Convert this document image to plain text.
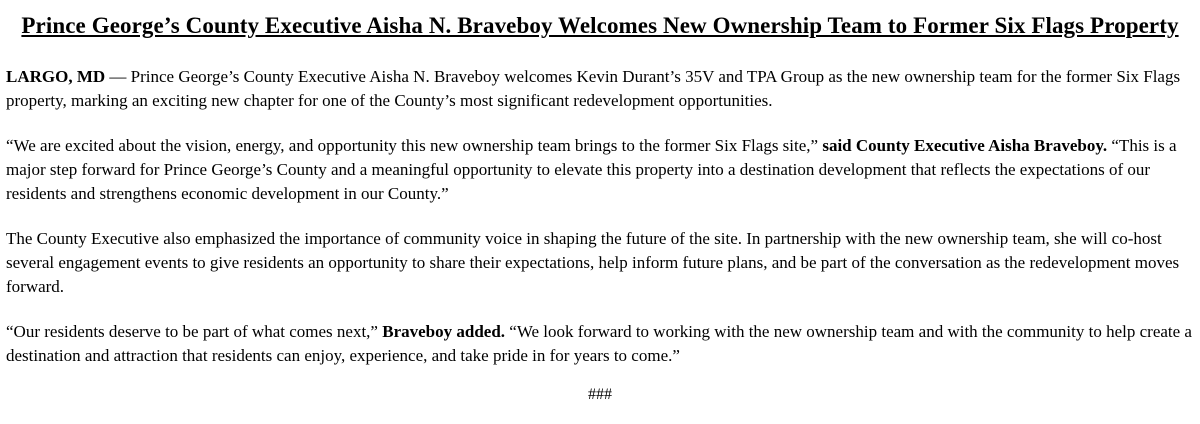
Prince George’s County Executive Aisha N. Braveboy Welcomes New Ownership Team to Former Six Flags Property

LARGO, MD — Prince George’s County Executive Aisha N. Braveboy welcomes Kevin Durant’s 35V and TPA Group as the new ownership team for the former Six Flags property, marking an exciting new chapter for one of the County’s most significant redevelopment opportunities.

“We are excited about the vision, energy, and opportunity this new ownership team brings to the former Six Flags site,” said County Executive Aisha Braveboy. “This is a major step forward for Prince George’s County and a meaningful opportunity to elevate this property into a destination development that reflects the expectations of our residents and strengthens economic development in our County.”

The County Executive also emphasized the importance of community voice in shaping the future of the site. In partnership with the new ownership team, she will co-host several engagement events to give residents an opportunity to share their expectations, help inform future plans, and be part of the conversation as the redevelopment moves forward.

“Our residents deserve to be part of what comes next,” Braveboy added. “We look forward to working with the new ownership team and with the community to help create a destination and attraction that residents can enjoy, experience, and take pride in for years to come.”

###
